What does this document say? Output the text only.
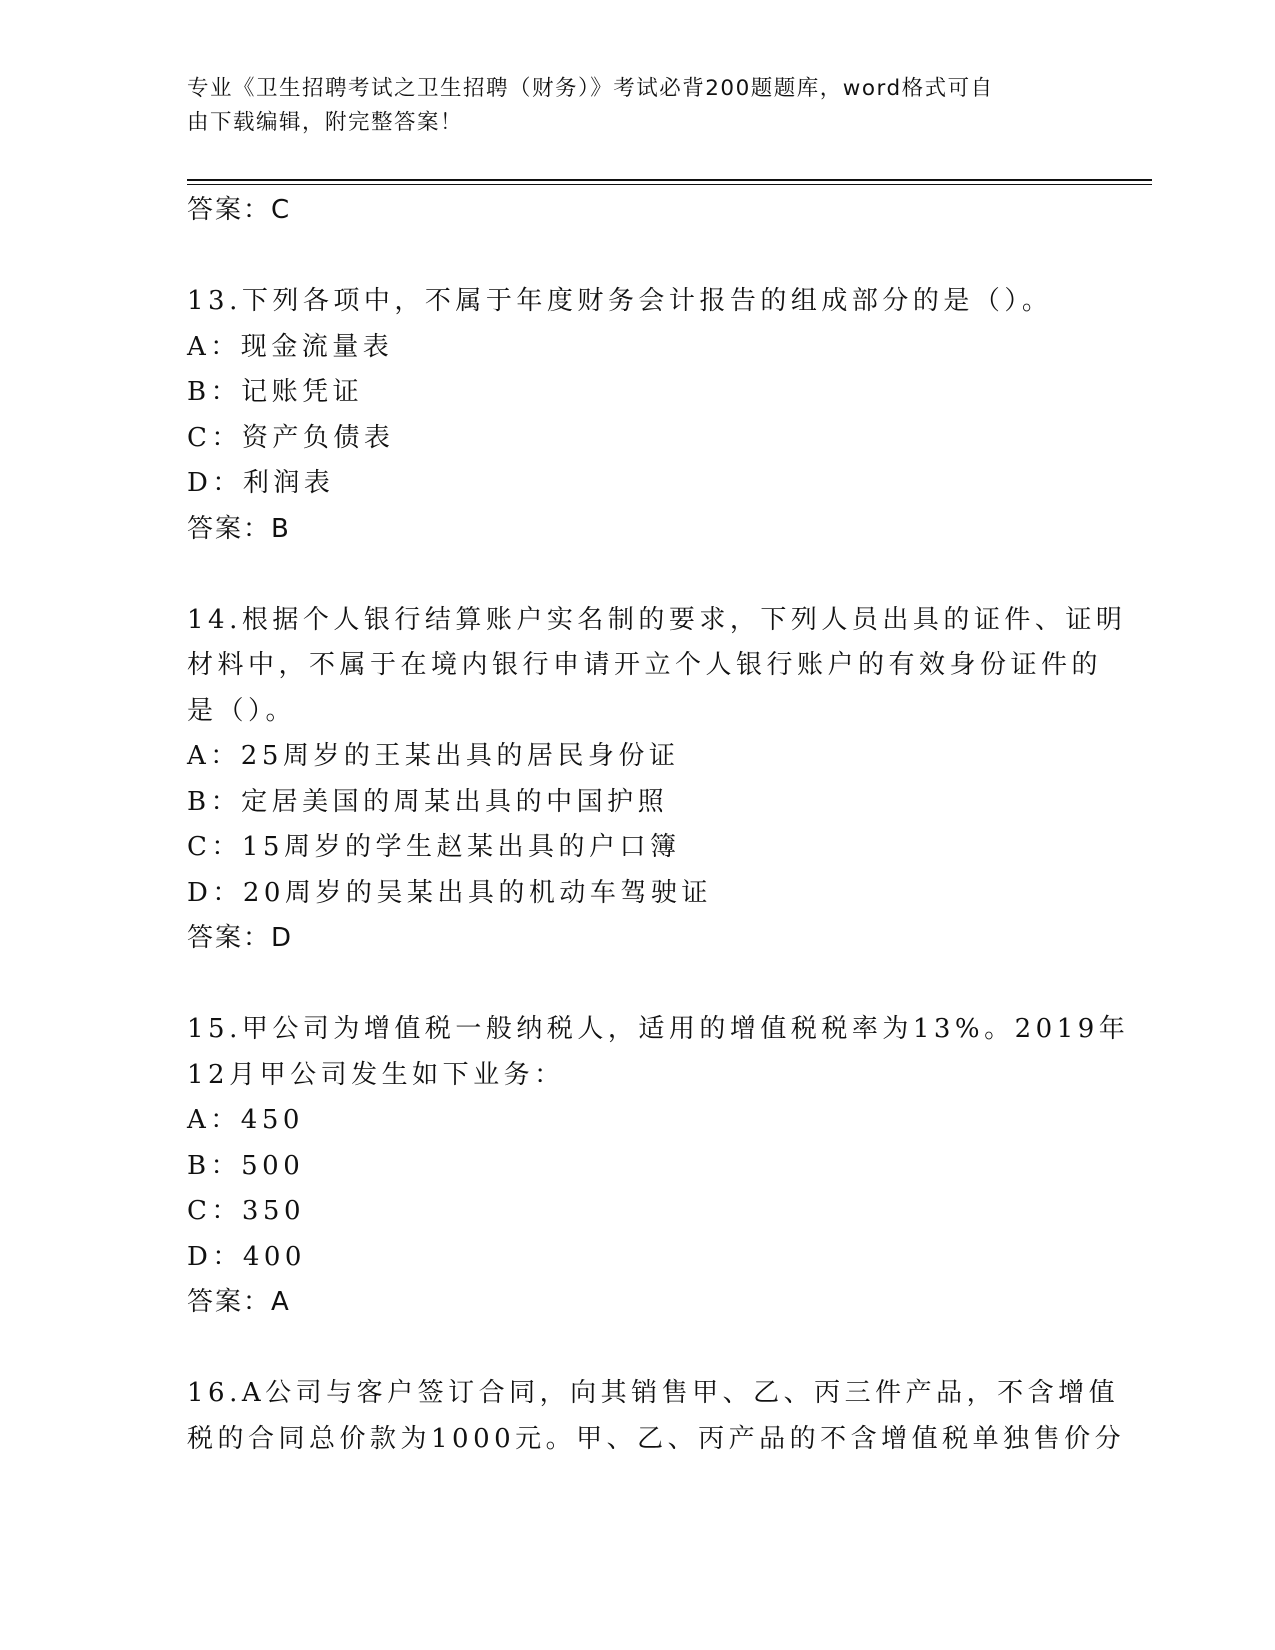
专业《卫生招聘考试之卫生招聘（财务）》考试必背200题题库，word格式可自
由下载编辑，附完整答案！
答案：C
13.下列各项中，不属于年度财务会计报告的组成部分的是（）。
A：现金流量表
B：记账凭证
C：资产负债表
D：利润表
答案：B
14.根据个人银行结算账户实名制的要求，下列人员出具的证件、证明
材料中，不属于在境内银行申请开立个人银行账户的有效身份证件的
是（）。
A：25周岁的王某出具的居民身份证
B：定居美国的周某出具的中国护照
C：15周岁的学生赵某出具的户口簿
D：20周岁的吴某出具的机动车驾驶证
答案：D
15.甲公司为增值税一般纳税人，适用的增值税税率为13%。2019年
12月甲公司发生如下业务：
A：450
B：500
C：350
D：400
答案：A
16.A公司与客户签订合同，向其销售甲、乙、丙三件产品，不含增值
税的合同总价款为1000元。甲、乙、丙产品的不含增值税单独售价分
